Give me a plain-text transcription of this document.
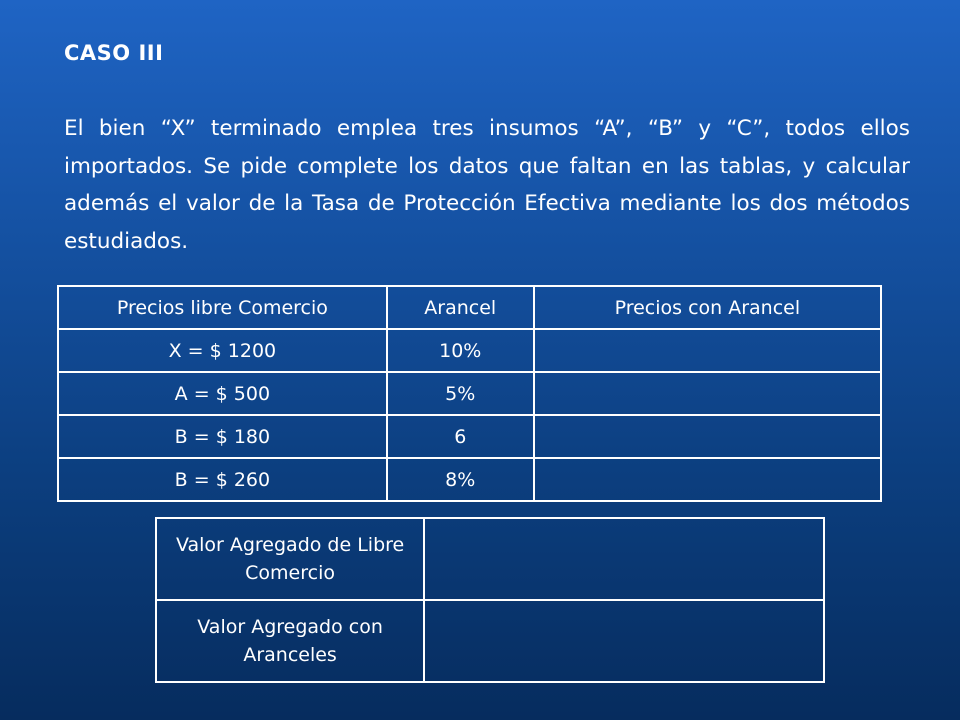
CASO III
El bien “X” terminado emplea tres insumos “A”, “B” y “C”, todos ellos importados. Se pide complete los datos que faltan en las tablas, y calcular además el valor de la Tasa de Protección Efectiva mediante los dos métodos estudiados.
Precios libre Comercio	Arancel	Precios con Arancel
X = $ 1200	10%	
A = $ 500	5%	
B = $ 180	6	
B = $ 260	8%	
Valor Agregado de Libre Comercio	
Valor Agregado con Aranceles	
